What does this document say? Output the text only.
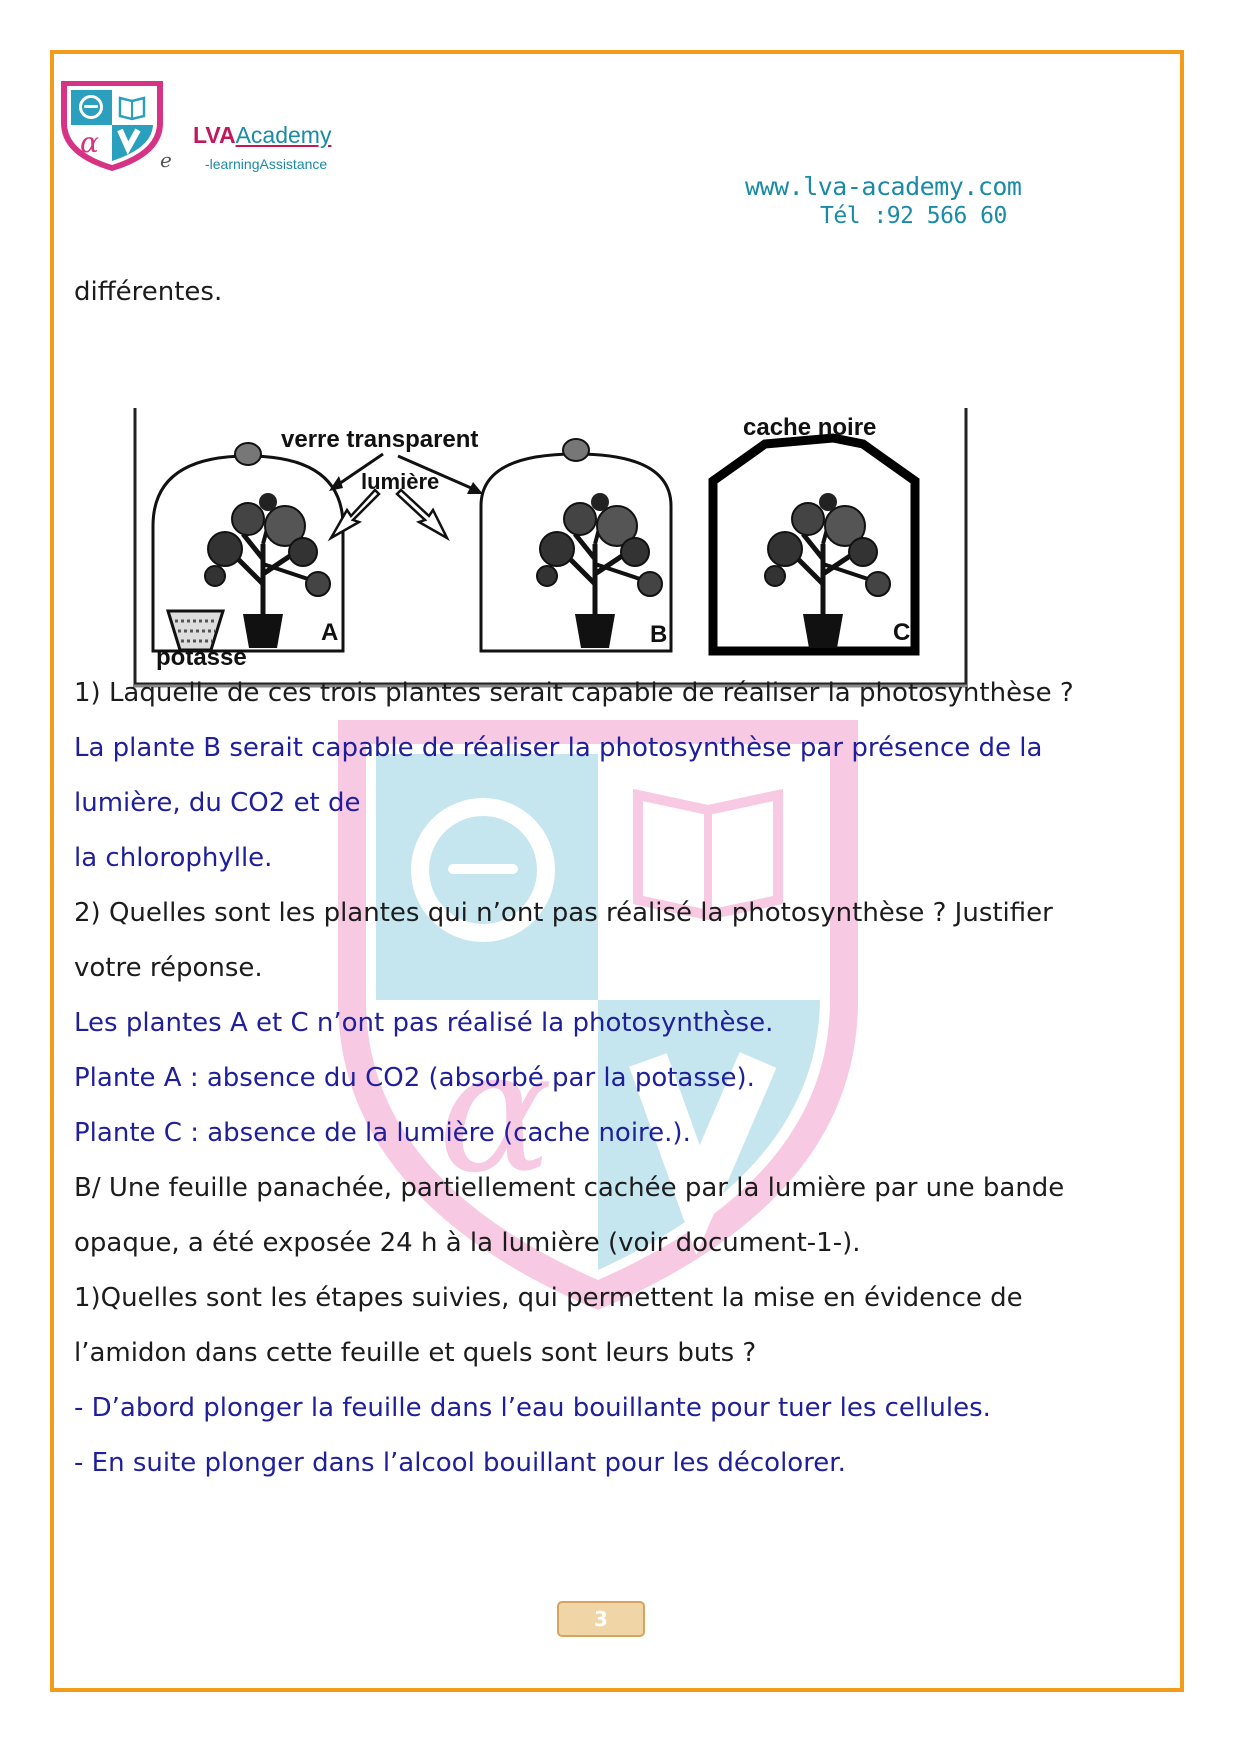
α
α
e
LVAAcademy
-learningAssistance
www.lva-academy.com
Tél :92 566 60
verre transparent
lumière
cache noire
potasse
A	B	C

différentes.

1) Laquelle de ces trois plantes serait capable de réaliser la photosynthèse ?

La plante B serait capable de réaliser la photosynthèse par présence de la

lumière, du CO2 et de

la chlorophylle.

2) Quelles sont les plantes qui n’ont pas réalisé la photosynthèse ? Justifier

votre réponse.

Les plantes A et C n’ont pas réalisé la photosynthèse.

Plante A : absence du CO2 (absorbé par la potasse).

Plante C : absence de la lumière (cache noire.).

B/ Une feuille panachée, partiellement cachée par la lumière par une bande

opaque, a été exposée 24 h à la lumière (voir document-1-).

1)Quelles sont les étapes suivies, qui permettent la mise en évidence de

l’amidon dans cette feuille et quels sont leurs buts ?

- D’abord plonger la feuille dans l’eau bouillante pour tuer les cellules.

- En suite plonger dans l’alcool bouillant pour les décolorer.

3
